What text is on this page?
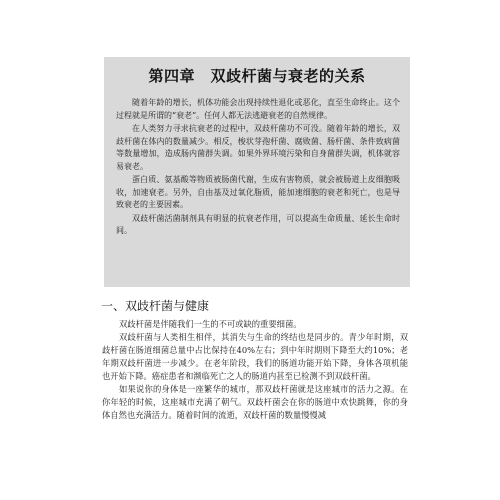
第四章　双歧杆菌与衰老的关系

随着年龄的增长，机体功能会出现持续性退化或恶化，直至生命终止。这个过程就是所谓的“衰老”。任何人都无法逃避衰老的自然规律。

在人类努力寻求抗衰老的过程中，双歧杆菌功不可没。随着年龄的增长，双歧杆菌在体内的数量减少。相反，梭状芽孢杆菌、腐败菌、肠杆菌、条件致病菌等数量增加，造成肠内菌群失调。如果外界环境污染和自身菌群失调，机体就容易衰老。

蛋白质、氨基酸等物质被肠菌代谢，生成有害物质，就会被肠道上皮细胞吸收，加速衰老。另外，自由基及过氧化脂质，能加速细胞的衰老和死亡，也是导致衰老的主要因素。

双歧杆菌活菌制剂具有明显的抗衰老作用，可以提高生命质量、延长生命时间。

一、双歧杆菌与健康

双歧杆菌是伴随我们一生的不可或缺的重要细菌。

双歧杆菌与人类相生相伴，其消失与生命的终结也是同步的。青少年时期，双歧杆菌在肠道细菌总量中占比保持在40%左右；到中年时期则下降至大约10%；老年期双歧杆菌进一步减少。在老年阶段，我们的肠道功能开始下降，身体各项机能也开始下降。癌症患者和濒临死亡之人的肠道内甚至已检测不到双歧杆菌。

如果说你的身体是一座繁华的城市，那双歧杆菌就是这座城市的活力之源。在你年轻的时候，这座城市充满了朝气。双歧杆菌会在你的肠道中欢快跳舞，你的身体自然也充满活力。随着时间的流逝，双歧杆菌的数量慢慢减
